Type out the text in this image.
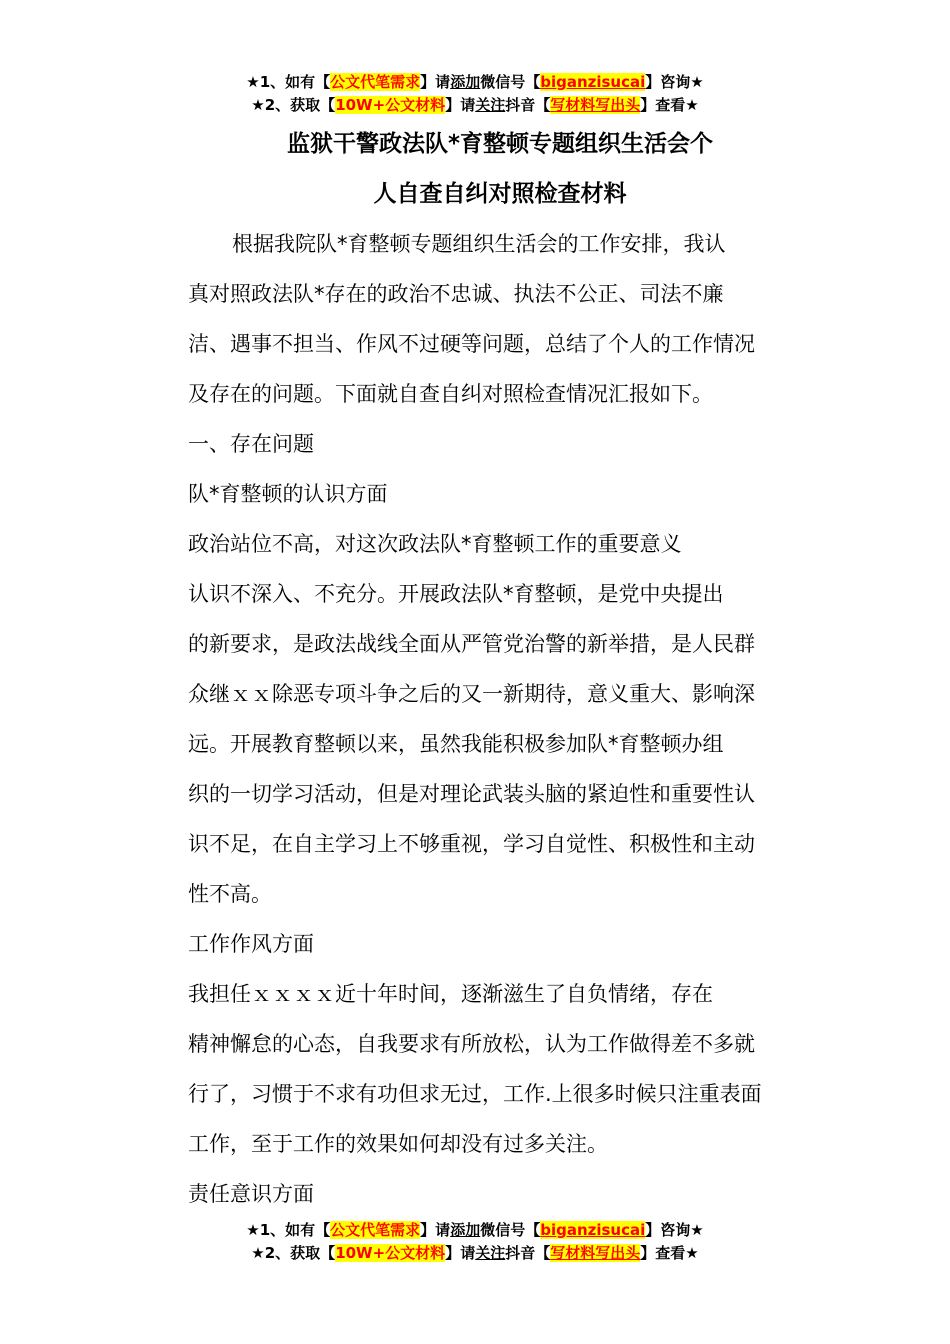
★1、如有【公文代笔需求】请添加微信号【biganzisucai】咨询★
★2、获取【10W+公文材料】请关注抖音【写材料写出头】查看★
监狱干警政法队*育整顿专题组织生活会个
人自查自纠对照检查材料
根据我院队*育整顿专题组织生活会的工作安排，我认
真对照政法队*存在的政治不忠诚、执法不公正、司法不廉
洁、遇事不担当、作风不过硬等问题，总结了个人的工作情况
及存在的问题。下面就自查自纠对照检查情况汇报如下。
一、存在问题
队*育整顿的认识方面
政治站位不高，对这次政法队*育整顿工作的重要意义
认识不深入、不充分。开展政法队*育整顿，是党中央提出
的新要求，是政法战线全面从严管党治警的新举措，是人民群
众继ｘｘ除恶专项斗争之后的又一新期待，意义重大、影响深
远。开展教育整顿以来，虽然我能积极参加队*育整顿办组
织的一切学习活动，但是对理论武装头脑的紧迫性和重要性认
识不足，在自主学习上不够重视，学习自觉性、积极性和主动
性不高。
工作作风方面
我担任ｘｘｘｘ近十年时间，逐渐滋生了自负情绪，存在
精神懈怠的心态，自我要求有所放松，认为工作做得差不多就
行了，习惯于不求有功但求无过，工作.上很多时候只注重表面
工作，至于工作的效果如何却没有过多关注。
责任意识方面
★1、如有【公文代笔需求】请添加微信号【biganzisucai】咨询★
★2、获取【10W+公文材料】请关注抖音【写材料写出头】查看★
